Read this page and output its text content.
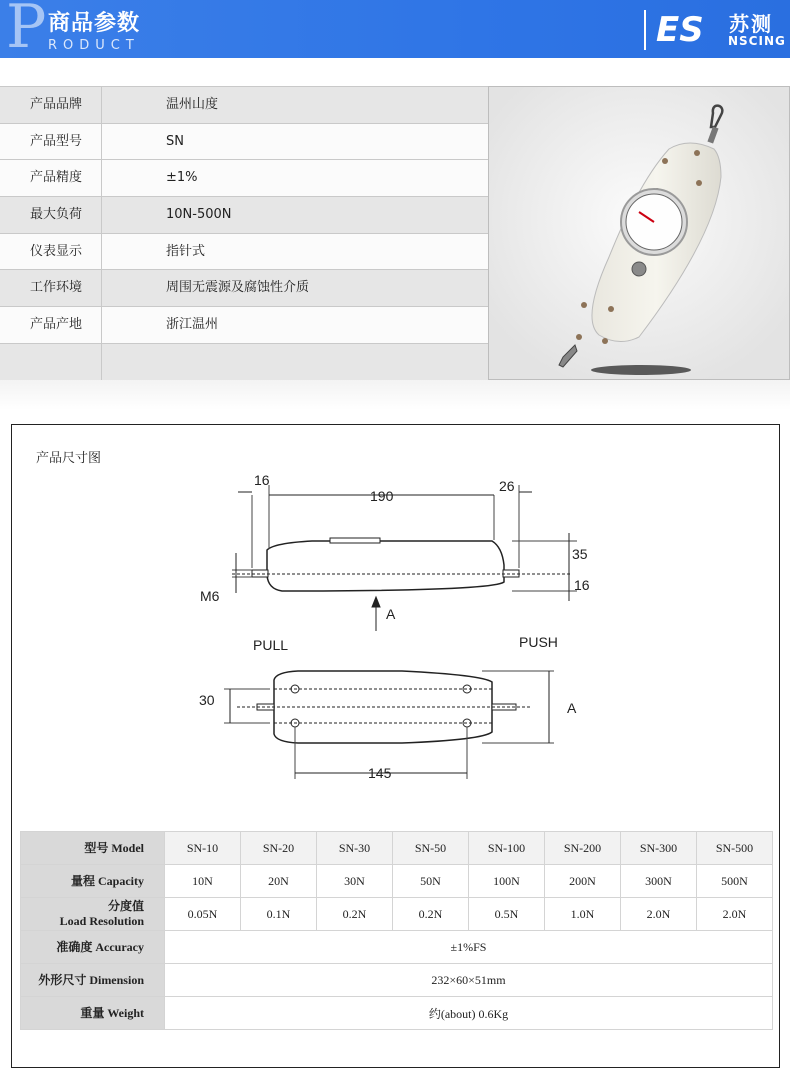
P 商品参数
RODUCT	ES 苏测
NSCING
产品品牌	温州山度
产品型号	SN
产品精度	±1%
最大负荷	10N-500N
仪表显示	指针式
工作环境	周围无震源及腐蚀性介质
产品产地	浙江温州
产品尺寸图
16
190
26
35
16
M6
A
PULL	PUSH
30	A
145
型号 Model	SN-10	SN-20	SN-30	SN-50	SN-100	SN-200	SN-300	SN-500
量程 Capacity	10N	20N	30N	50N	100N	200N	300N	500N

分度值
Load Resolution	0.05N	0.1N	0.2N	0.2N	0.5N	1.0N	2.0N	2.0N
准确度 Accuracy	±1%FS							
外形尺寸 Dimension	232×60×51mm							
重量 Weight	约(about) 0.6Kg							
